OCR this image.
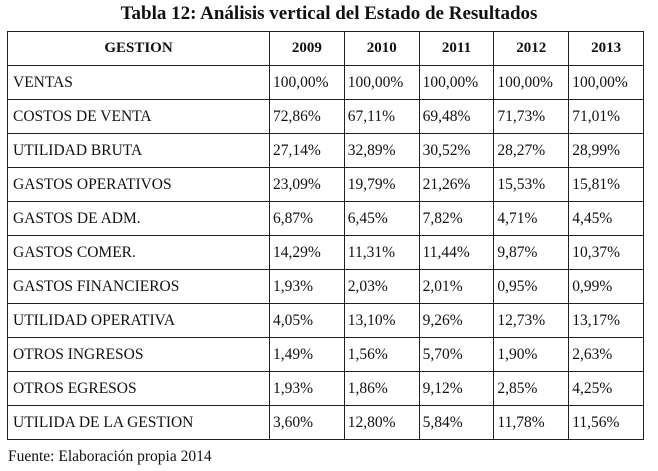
Tabla 12: Análisis vertical del Estado de Resultados
GESTION	2009	2010	2011	2012	2013
VENTAS	100,00%	100,00%	100,00%	100,00%	100,00%
COSTOS DE VENTA	72,86%	67,11%	69,48%	71,73%	71,01%
UTILIDAD BRUTA	27,14%	32,89%	30,52%	28,27%	28,99%
GASTOS OPERATIVOS	23,09%	19,79%	21,26%	15,53%	15,81%
GASTOS DE ADM.	6,87%	6,45%	7,82%	4,71%	4,45%
GASTOS COMER.	14,29%	11,31%	11,44%	9,87%	10,37%
GASTOS FINANCIEROS	1,93%	2,03%	2,01%	0,95%	0,99%
UTILIDAD OPERATIVA	4,05%	13,10%	9,26%	12,73%	13,17%
OTROS INGRESOS	1,49%	1,56%	5,70%	1,90%	2,63%
OTROS EGRESOS	1,93%	1,86%	9,12%	2,85%	4,25%
UTILIDA DE LA GESTION	3,60%	12,80%	5,84%	11,78%	11,56%
Fuente: Elaboración propia 2014
